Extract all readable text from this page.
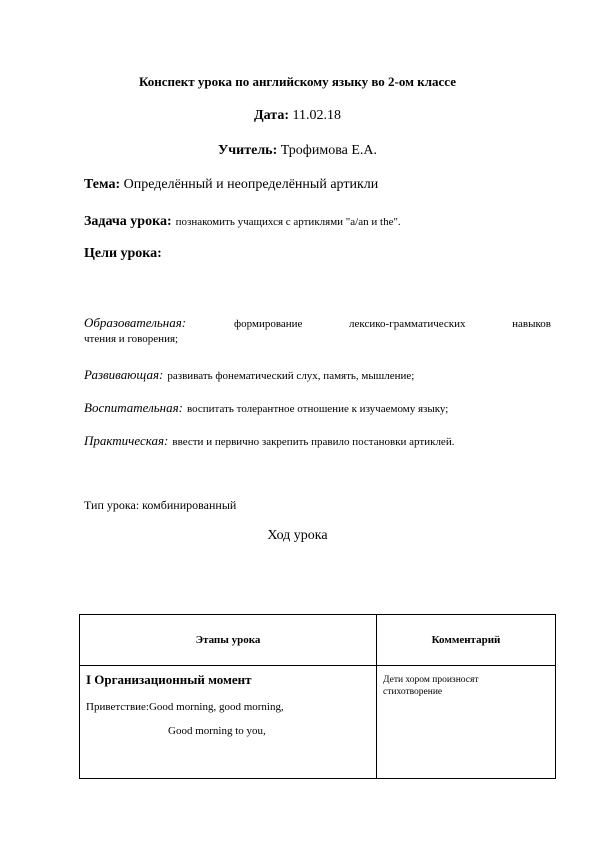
Конспект урока по английскому языку во 2-ом классе
Дата: 11.02.18
Учитель: Трофимова Е.А.
Тема: Определённый и неопределённый артикли
Задача урока: познакомить учащихся с артиклями "a/an и the".
Цели урока:
Образовательная:	формирование лексико-грамматических навыков
чтения и говорения;
Развивающая: развивать фонематический слух, память, мышление;
Воспитательная: воспитать толерантное отношение к изучаемому языку;
Практическая: ввести и первично закрепить правило постановки артиклей.
Тип урока: комбинированный
Ход урока
Этапы урока	Комментарий

I Организационный момент
Приветствие:Good morning, good morning,
Good morning to you,	Дети хором произносят стихотворение
